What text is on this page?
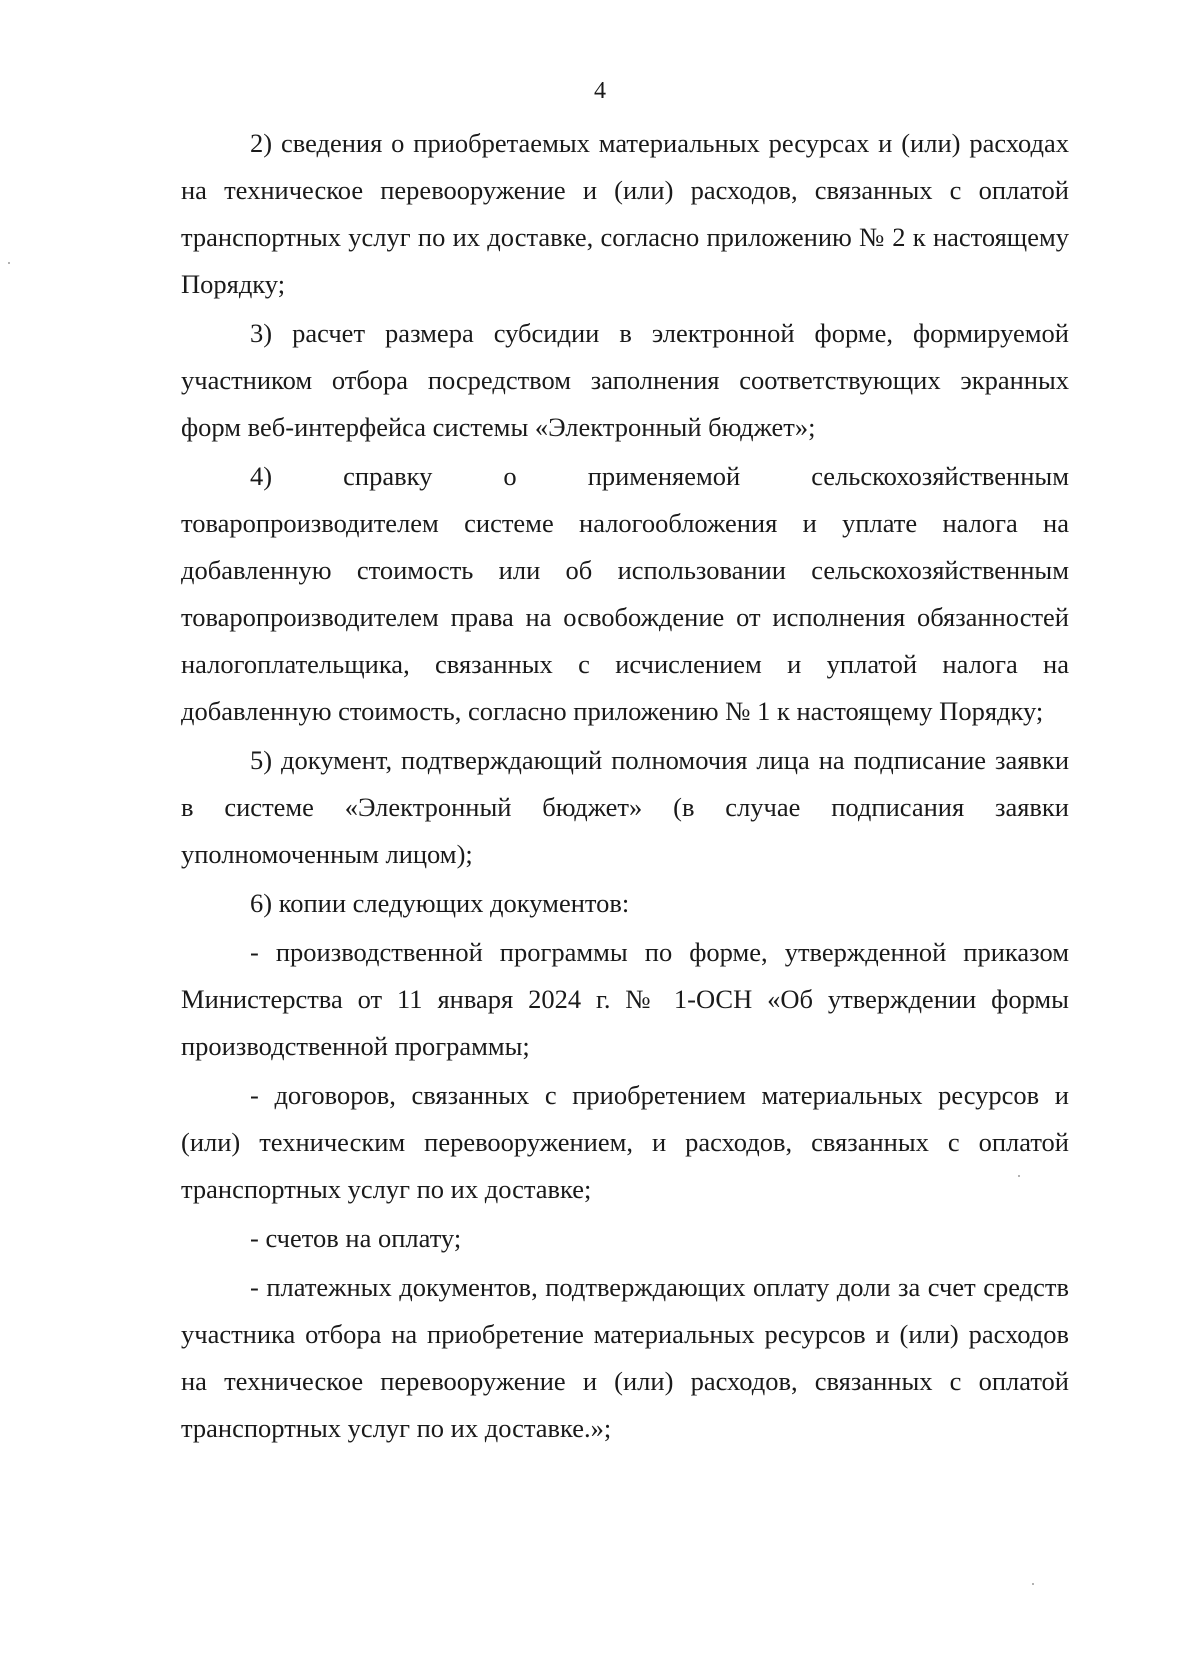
4

2) сведения о приобретаемых материальных ресурсах и (или) расходах на техническое перевооружение и (или) расходов, связанных с оплатой транспортных услуг по их доставке, согласно приложению № 2 к настоящему Порядку;

3) расчет размера субсидии в электронной форме, формируемой участником отбора посредством заполнения соответствующих экранных форм веб-интерфейса системы «Электронный бюджет»;

4) справку о применяемой сельскохозяйственным товаропроизводителем системе налогообложения и уплате налога на добавленную стоимость или об использовании сельскохозяйственным товаропроизводителем права на освобождение от исполнения обязанностей налогоплательщика, связанных с исчислением и уплатой налога на добавленную стоимость, согласно приложению № 1 к настоящему Порядку;

5) документ, подтверждающий полномочия лица на подписание заявки в системе «Электронный бюджет» (в случае подписания заявки уполномоченным лицом);

6) копии следующих документов:

- производственной программы по форме, утвержденной приказом Министерства от 11 января 2024 г. № 1-ОСН «Об утверждении формы производственной программы;

- договоров, связанных с приобретением материальных ресурсов и (или) техническим перевооружением, и расходов, связанных с оплатой транспортных услуг по их доставке;

- счетов на оплату;

- платежных документов, подтверждающих оплату доли за счет средств участника отбора на приобретение материальных ресурсов и (или) расходов на техническое перевооружение и (или) расходов, связанных с оплатой транспортных услуг по их доставке.»;
